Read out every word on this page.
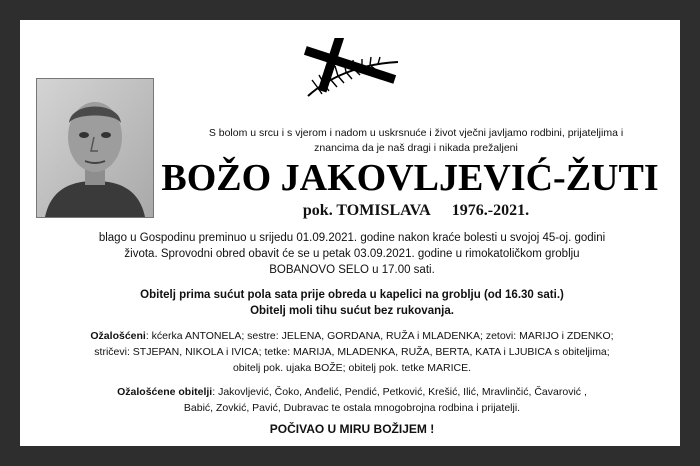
S bolom u srcu i s vjerom i nadom u uskrsnuće i život vječni javljamo rodbini, prijateljima i
znancima da je naš dragi i nikada prežaljeni
BOŽO JAKOVLJEVIĆ-ŽUTI
pok. TOMISLAVA 1976.-2021.
blago u Gospodinu preminuo u srijedu 01.09.2021. godine nakon kraće bolesti u svojoj 45-oj. godini
života. Sprovodni obred obavit će se u petak 03.09.2021. godine u rimokatoličkom groblju
BOBANOVO SELO u 17.00 sati.
Obitelj prima sućut pola sata prije obreda u kapelici na groblju (od 16.30 sati.)
Obitelj moli tihu sućut bez rukovanja.
Ožalošćeni: kćerka ANTONELA; sestre: JELENA, GORDANA, RUŽA i MLADENKA; zetovi: MARIJO i ZDENKO;
stričevi: STJEPAN, NIKOLA i IVICA; tetke: MARIJA, MLADENKA, RUŽA, BERTA, KATA i LJUBICA s obiteljima;
obitelj pok. ujaka BOŽE; obitelj pok. tetke MARICE.
Ožalošćene obitelji: Jakovljević, Čoko, Anđelić, Pendić, Petković, Krešić, Ilić, Mravlinčić, Čavarović ,
Babić, Zovkić, Pavić, Dubravac te ostala mnogobrojna rodbina i prijatelji.
POČIVAO U MIRU BOŽIJEM !
